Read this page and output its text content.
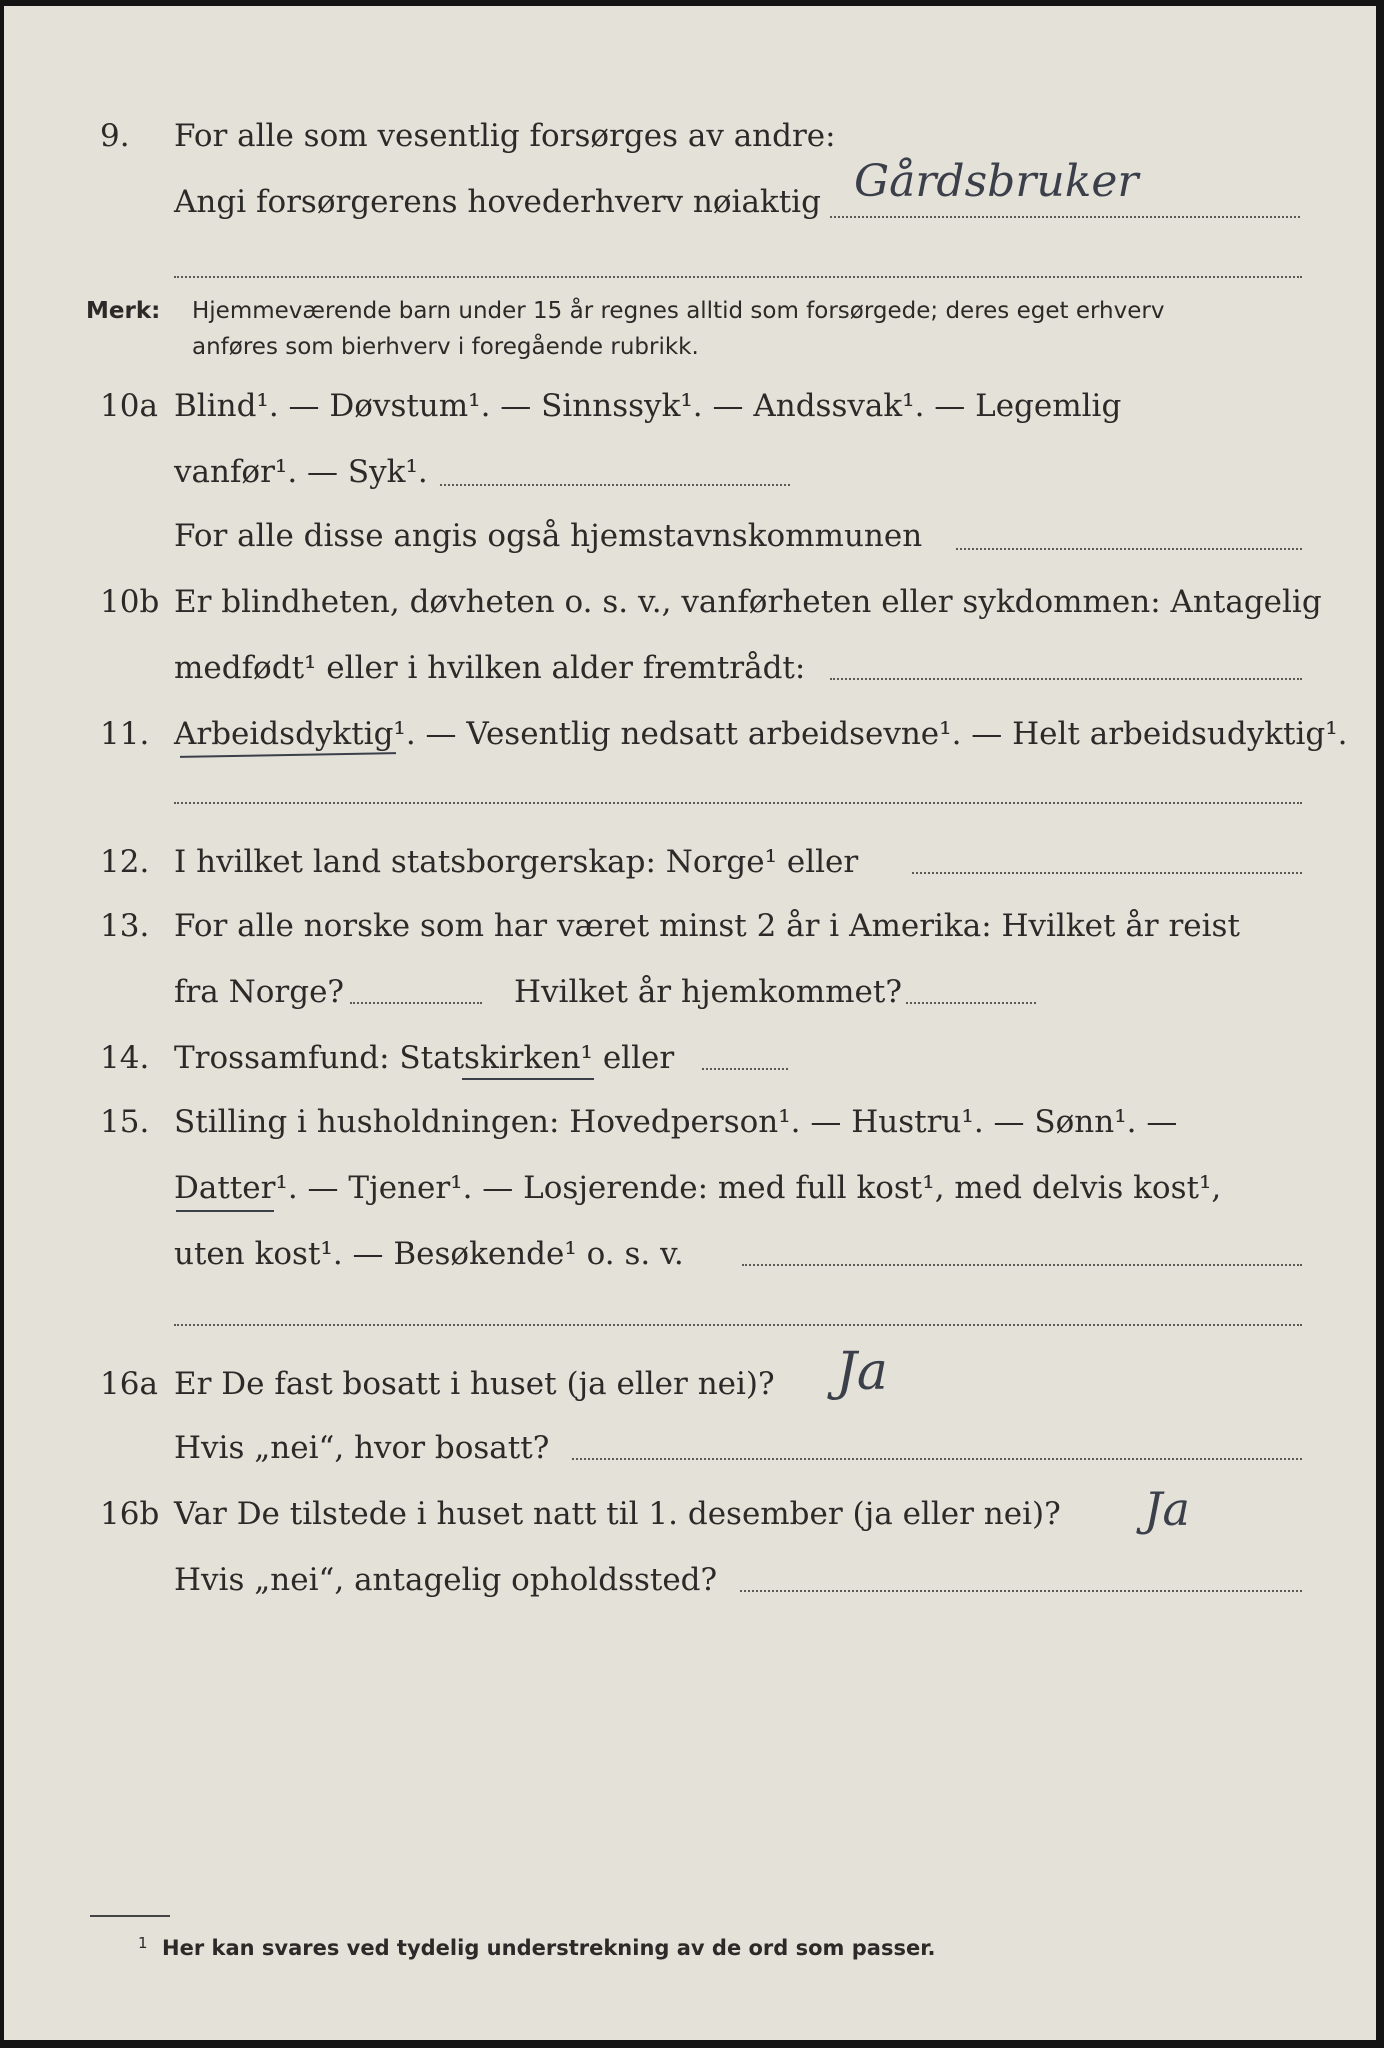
9. For alle som vesentlig forsørges av andre:
Angi forsørgerens hovederhverv nøiaktig Gårdsbruker
Merk: Hjemmeværende barn under 15 år regnes alltid som forsørgede; deres eget erhverv
anføres som bierhverv i foregående rubrikk.
10a Blind¹. — Døvstum¹. — Sinnssyk¹. — Andssvak¹. — Legemlig
vanfør¹. — Syk¹.
For alle disse angis også hjemstavnskommunen
10b Er blindheten, døvheten o. s. v., vanførheten eller sykdommen: Antagelig
medfødt¹ eller i hvilken alder fremtrådt:
11. Arbeidsdyktig¹. — Vesentlig nedsatt arbeidsevne¹. — Helt arbeidsudyktig¹.
12. I hvilket land statsborgerskap: Norge¹ eller
13. For alle norske som har været minst 2 år i Amerika: Hvilket år reist
fra Norge?	Hvilket år hjemkommet?
14. Trossamfund: Statskirken¹ eller
15. Stilling i husholdningen: Hovedperson¹. — Hustru¹. — Sønn¹. —
Datter¹. — Tjener¹. — Losjerende: med full kost¹, med delvis kost¹,
uten kost¹. — Besøkende¹ o. s. v.
16a Er De fast bosatt i huset (ja eller nei)? Ja
Hvis „nei“, hvor bosatt?
16b Var De tilstede i huset natt til 1. desember (ja eller nei)? Ja
Hvis „nei“, antagelig opholdssted?
1 Her kan svares ved tydelig understrekning av de ord som passer.
